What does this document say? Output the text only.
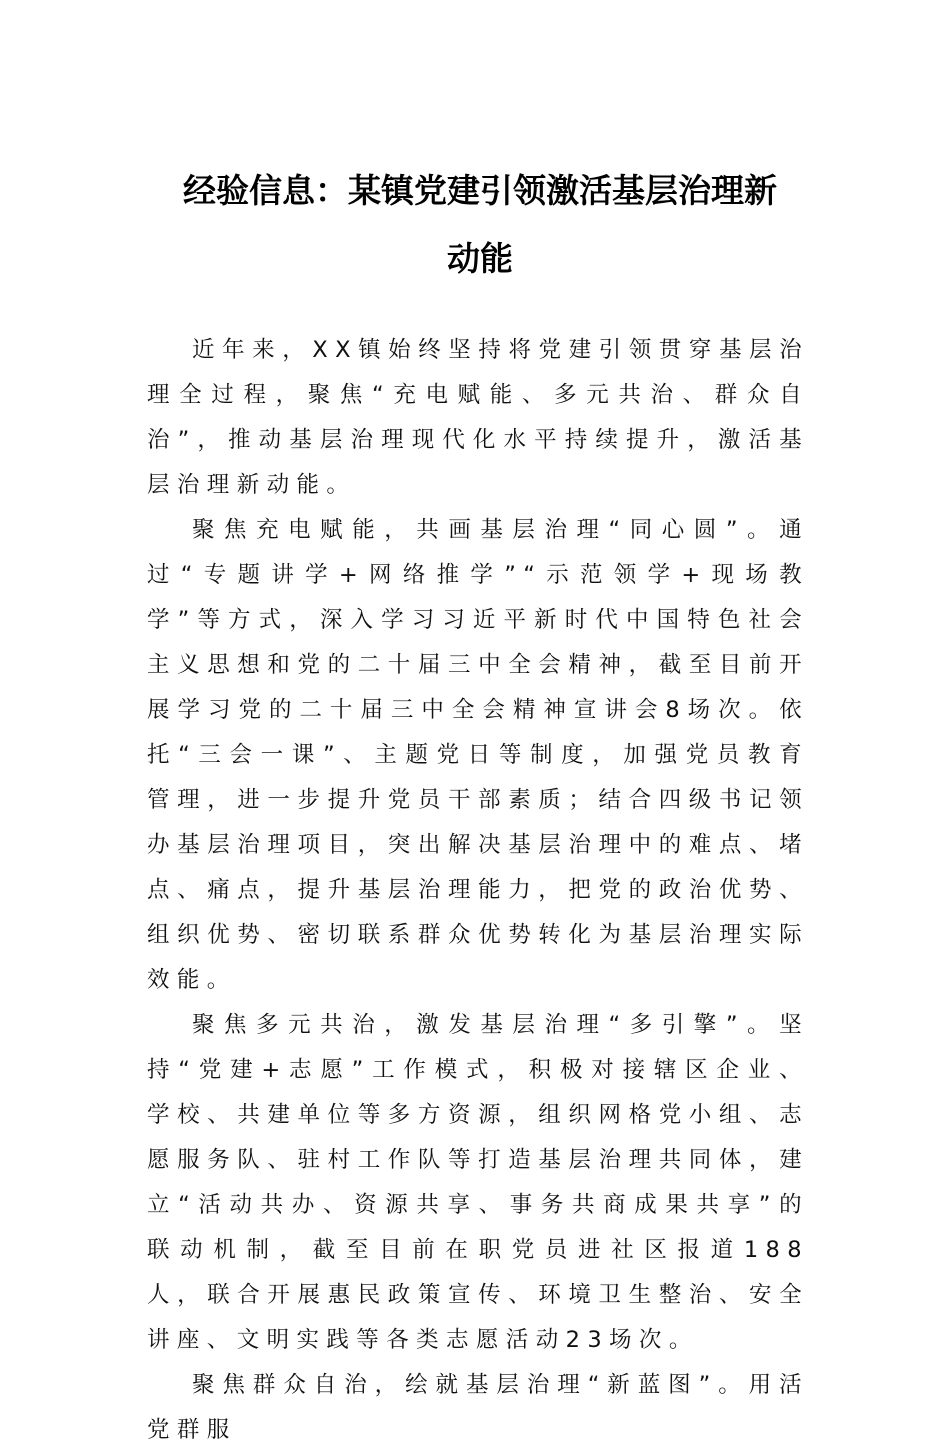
经验信息：某镇党建引领激活基层治理新
动能

近年来，XX镇始终坚持将党建引领贯穿基层治理全过程，聚焦“充电赋能、多元共治、群众自治”，推动基层治理现代化水平持续提升，激活基层治理新动能。

聚焦充电赋能，共画基层治理“同心圆”。通过“专题讲学+网络推学”“示范领学+现场教学”等方式，深入学习习近平新时代中国特色社会主义思想和党的二十届三中全会精神，截至目前开展学习党的二十届三中全会精神宣讲会8场次。依托“三会一课”、主题党日等制度，加强党员教育管理，进一步提升党员干部素质；结合四级书记领办基层治理项目，突出解决基层治理中的难点、堵点、痛点，提升基层治理能力，把党的政治优势、组织优势、密切联系群众优势转化为基层治理实际效能。

聚焦多元共治，激发基层治理“多引擎”。坚持“党建+志愿”工作模式，积极对接辖区企业、学校、共建单位等多方资源，组织网格党小组、志愿服务队、驻村工作队等打造基层治理共同体，建立“活动共办、资源共享、事务共商成果共享”的联动机制，截至目前在职党员进社区报道188人，联合开展惠民政策宣传、环境卫生整治、安全讲座、文明实践等各类志愿活动23场次。

聚焦群众自治，绘就基层治理“新蓝图”。用活党群服
